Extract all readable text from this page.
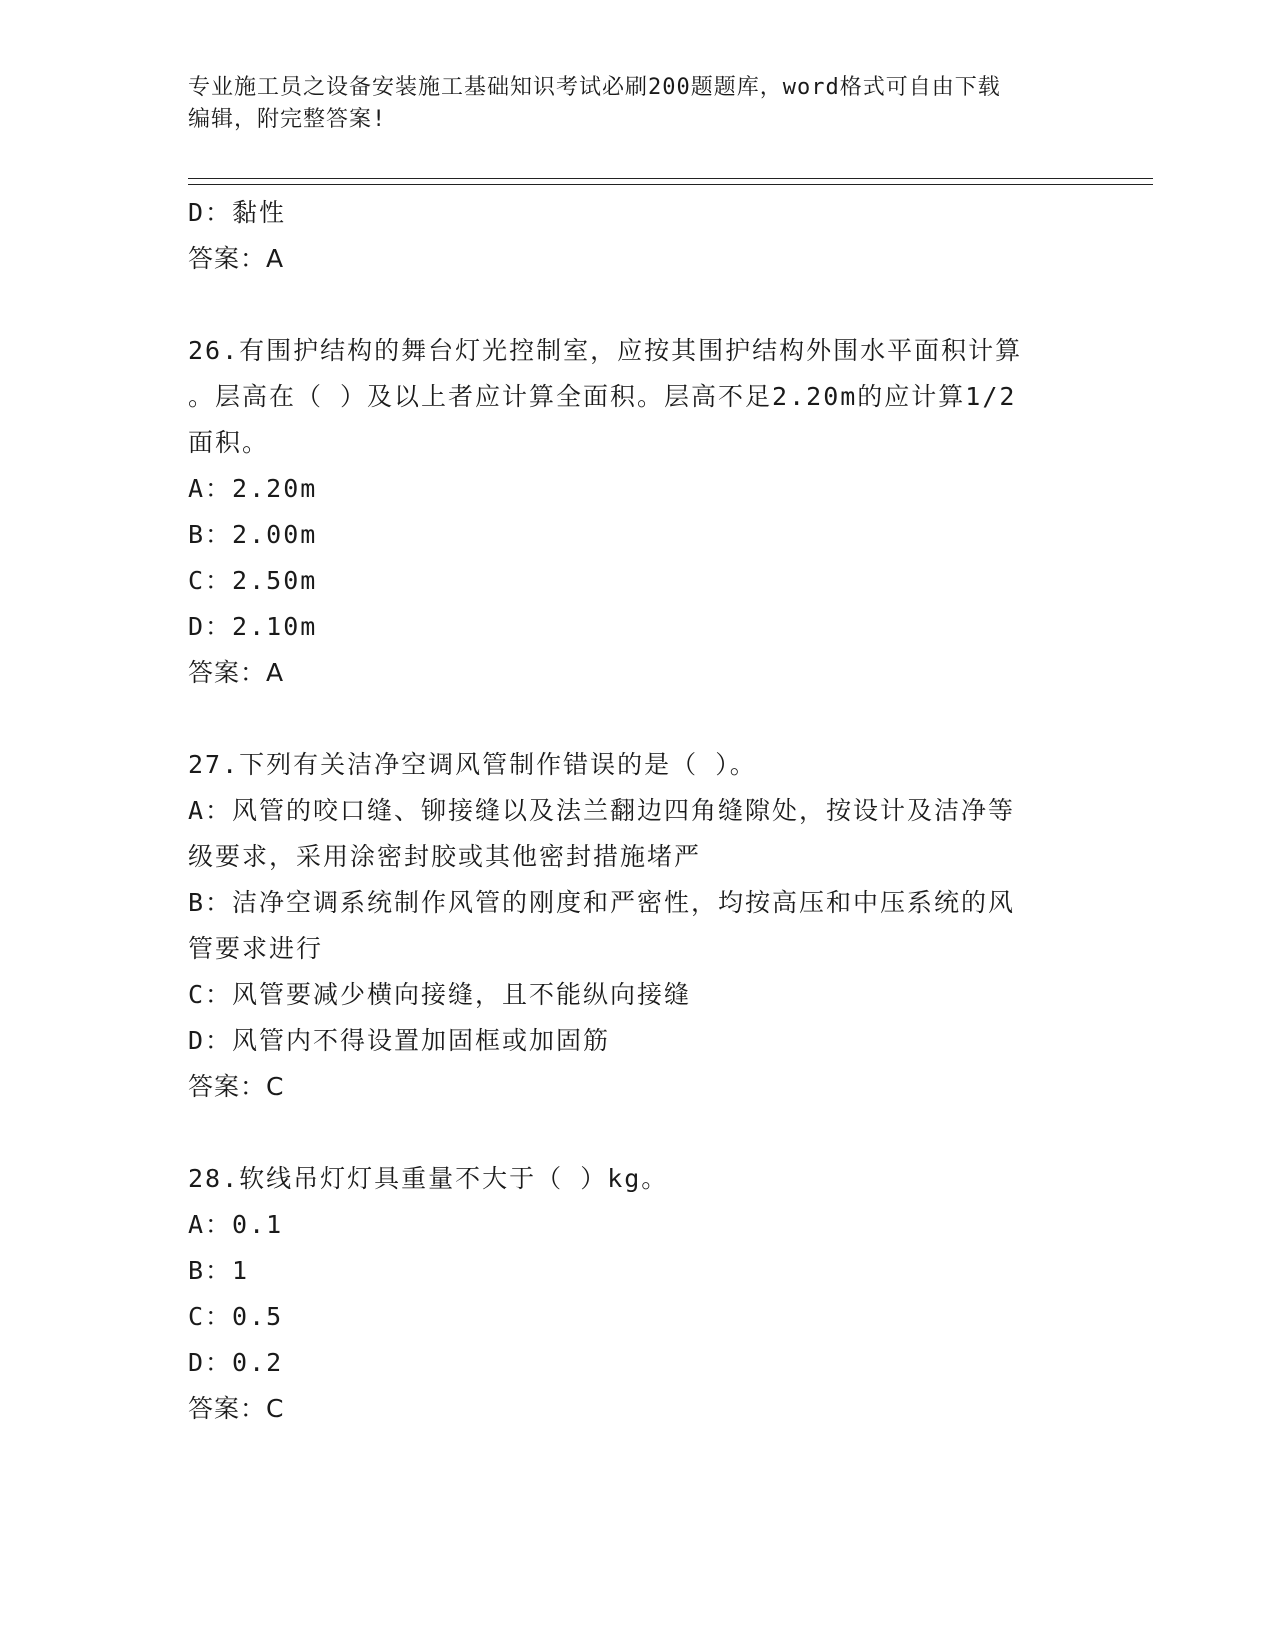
专业施工员之设备安装施工基础知识考试必刷200题题库，word格式可自由下载
编辑，附完整答案!
D：黏性
答案：A
26.有围护结构的舞台灯光控制室，应按其围护结构外围水平面积计算
。层高在（ ）及以上者应计算全面积。层高不足2.20m的应计算1/2
面积。
A：2.20m
B：2.00m
C：2.50m
D：2.10m
答案：A
27.下列有关洁净空调风管制作错误的是（ ）。
A：风管的咬口缝、铆接缝以及法兰翻边四角缝隙处，按设计及洁净等
级要求，采用涂密封胶或其他密封措施堵严
B：洁净空调系统制作风管的刚度和严密性，均按高压和中压系统的风
管要求进行
C：风管要减少横向接缝，且不能纵向接缝
D：风管内不得设置加固框或加固筋
答案：C
28.软线吊灯灯具重量不大于（ ）kg。
A：0.1
B：1
C：0.5
D：0.2
答案：C
